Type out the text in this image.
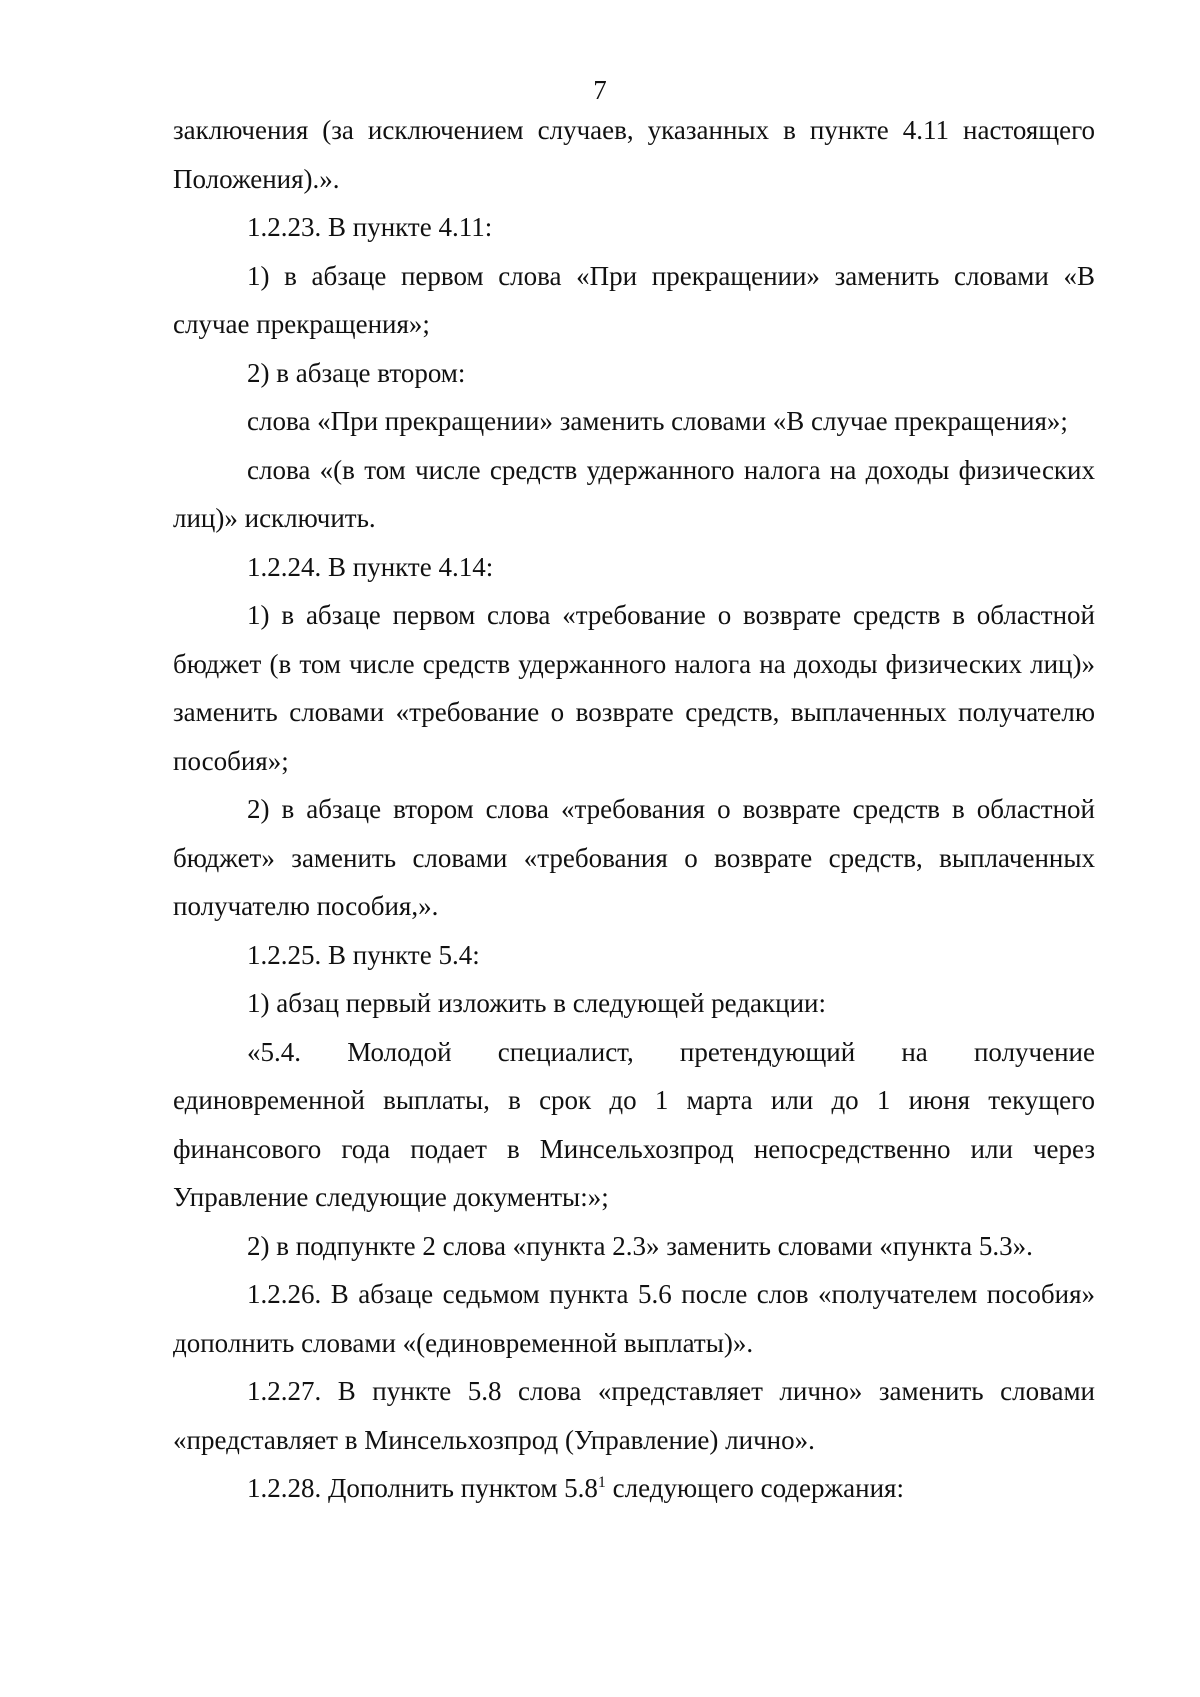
7

заключения (за исключением случаев, указанных в пункте 4.11 настоящего Положения).».

1.2.23. В пункте 4.11:

1) в абзаце первом слова «При прекращении» заменить словами «В случае прекращения»;

2) в абзаце втором:

слова «При прекращении» заменить словами «В случае прекращения»;

слова «(в том числе средств удержанного налога на доходы физических лиц)» исключить.

1.2.24. В пункте 4.14:

1) в абзаце первом слова «требование о возврате средств в областной бюджет (в том числе средств удержанного налога на доходы физических лиц)» заменить словами «требование о возврате средств, выплаченных получателю пособия»;

2) в абзаце втором слова «требования о возврате средств в областной бюджет» заменить словами «требования о возврате средств, выплаченных получателю пособия,».

1.2.25. В пункте 5.4:

1) абзац первый изложить в следующей редакции:

«5.4. Молодой специалист, претендующий на получение единовременной выплаты, в срок до 1 марта или до 1 июня текущего финансового года подает в Минсельхозпрод непосредственно или через Управление следующие документы:»;

2) в подпункте 2 слова «пункта 2.3» заменить словами «пункта 5.3».

1.2.26. В абзаце седьмом пункта 5.6 после слов «получателем пособия» дополнить словами «(единовременной выплаты)».

1.2.27. В пункте 5.8 слова «представляет лично» заменить словами «представляет в Минсельхозпрод (Управление) лично».

1.2.28. Дополнить пунктом $5.8^1$ следующего содержания:
